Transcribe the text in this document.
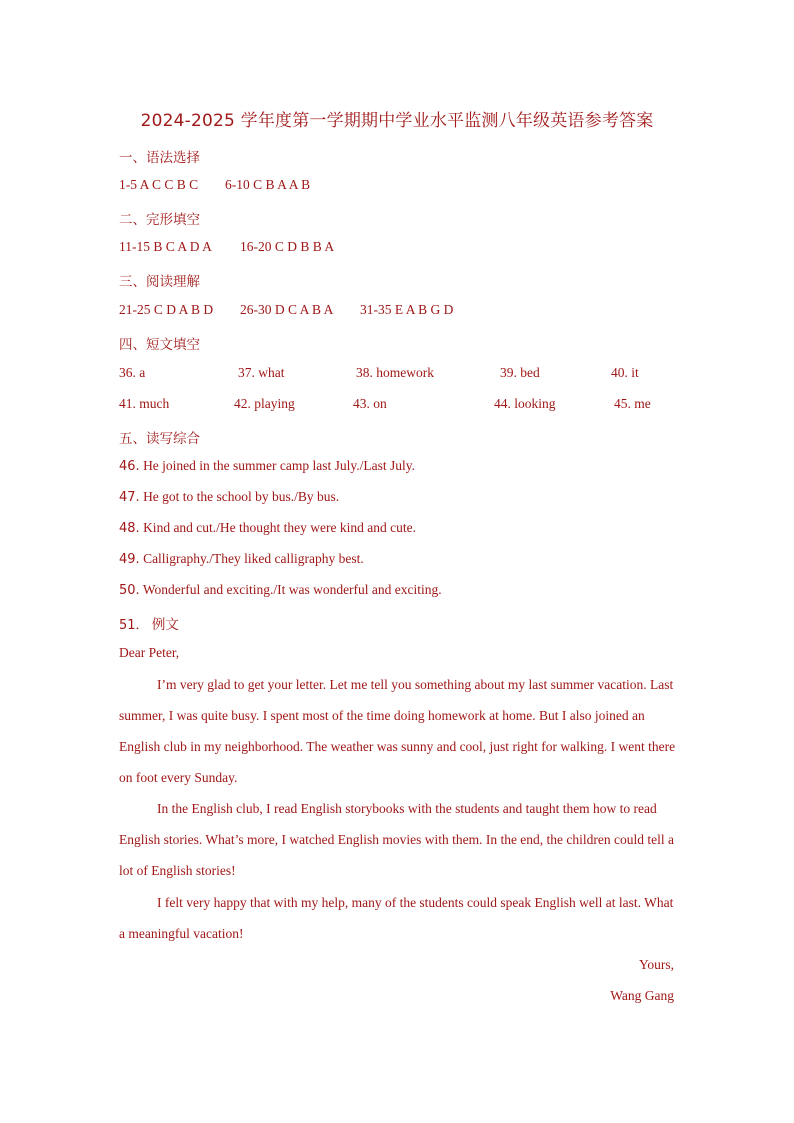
2024-2025 学年度第一学期期中学业水平监测八年级英语参考答案
一、语法选择
1-5 A C C B C 6-10 C B A A B
二、完形填空
11-15 B C A D A 16-20 C D B B A
三、阅读理解
21-25 C D A B D 26-30 D C A B A 31-35 E A B G D
四、短文填空
36. a	37. what	38. homework	39. bed	40. it
41. much	42. playing	43. on	44. looking	45. me
五、读写综合
46. He joined in the summer camp last July./Last July.
47. He got to the school by bus./By bus.
48. Kind and cut./He thought they were kind and cute.
49. Calligraphy./They liked calligraphy best.
50. Wonderful and exciting./It was wonderful and exciting.
51． 例文
Dear Peter,
I’m very glad to get your letter. Let me tell you something about my last summer vacation. Last summer, I was quite busy. I spent most of the time doing homework at home. But I also joined an English club in my neighborhood. The weather was sunny and cool, just right for walking. I went there on foot every Sunday.
In the English club, I read English storybooks with the students and taught them how to read English stories. What’s more, I watched English movies with them. In the end, the children could tell a lot of English stories!
I felt very happy that with my help, many of the students could speak English well at last. What a meaningful vacation!
Yours,
Wang Gang
